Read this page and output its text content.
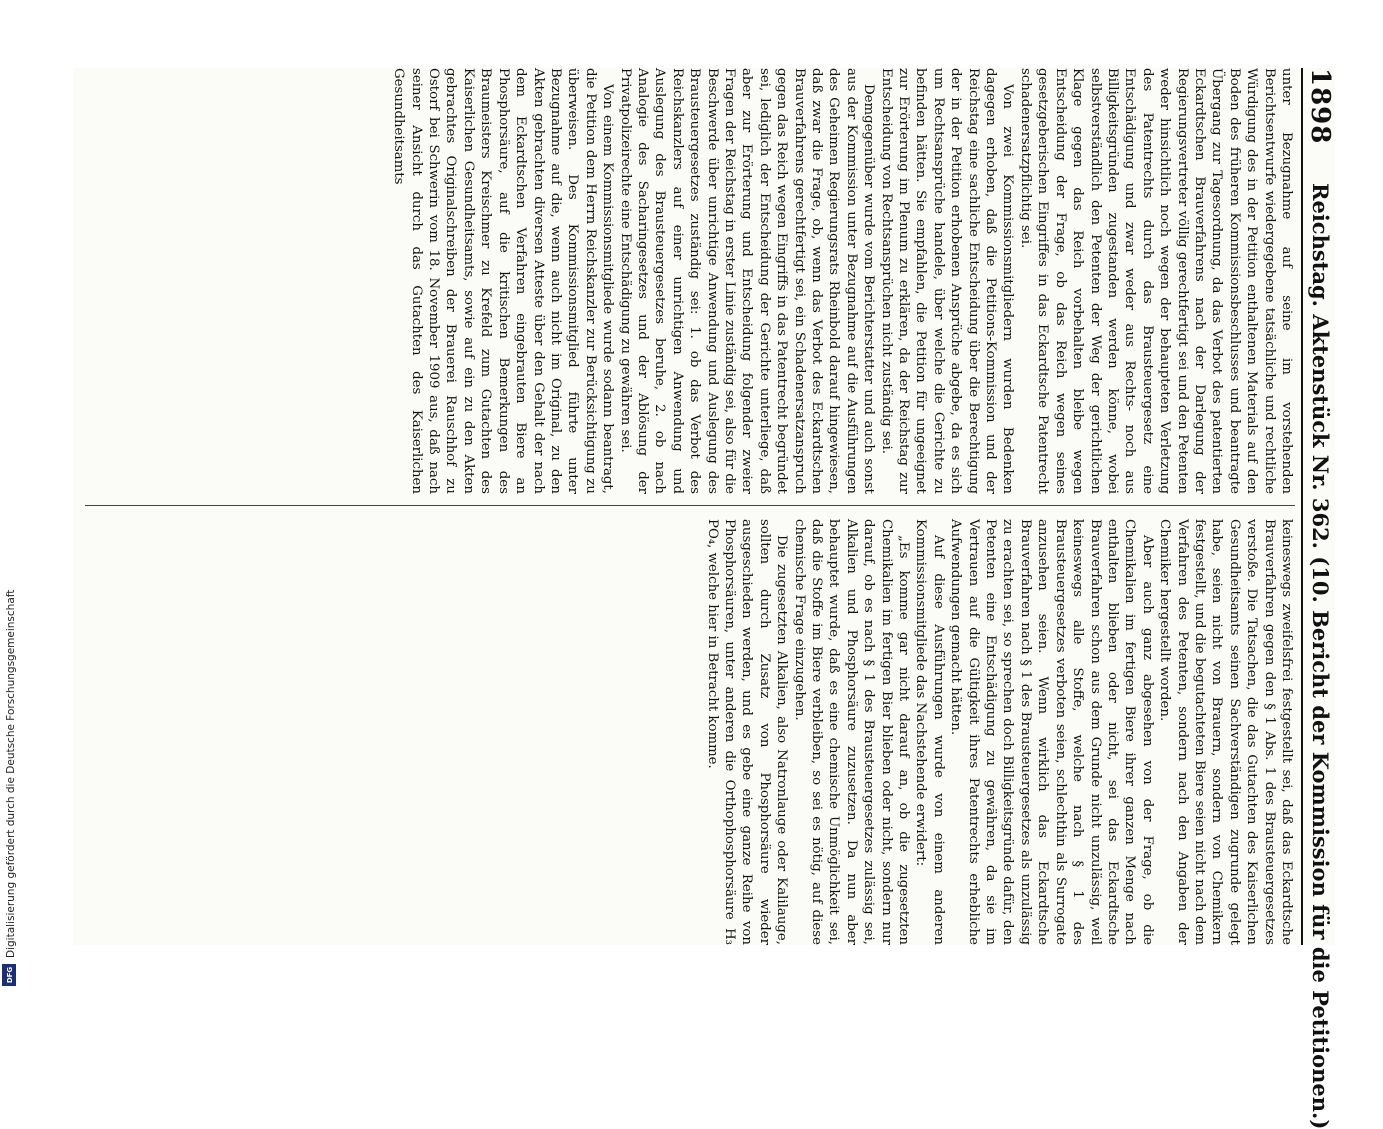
1898
Reichstag. Aktenstück Nr. 362. (10. Bericht der Kommission für die Petitionen.)

unter Bezugnahme auf seine im vorstehenden Berichtsentwurfe wiedergegebene tatsächliche und rechtliche Würdigung des in der Petition enthaltenen Materials auf den Boden des früheren Kommissionsbeschlusses und beantragte Übergang zur Tagesordnung, da das Verbot des patentierten Eckardtschen Brauverfahrens nach der Darlegung der Regierungsvertreter völlig gerechtfertigt sei und den Petenten weder hinsichtlich noch wegen der behaupteten Verletzung des Patentrechts durch das Brausteuergesetz eine Entschädigung und zwar weder aus Rechts- noch aus Billigkeitsgründen zugestanden werden könne, wobei selbstverständlich den Petenten der Weg der gerichtlichen Klage gegen das Reich vorbehalten bleibe wegen Entscheidung der Frage, ob das Reich wegen seines gesetzgeberischen Eingriffes in das Eckardtsche Patentrecht schadenersatzpflichtig sei.

Von zwei Kommissionsmitgliedern wurden Bedenken dagegen erhoben, daß die Petitions-Kommission und der Reichstag eine sachliche Entscheidung über die Berechtigung der in der Petition erhobenen Ansprüche abgebe, da es sich um Rechtsansprüche handele, über welche die Gerichte zu befinden hätten. Sie empfahlen, die Petition für ungeeignet zur Erörterung im Plenum zu erklären, da der Reichstag zur Entscheidung von Rechtsansprüchen nicht zuständig sei.

Demgegenüber wurde vom Berichterstatter und auch sonst aus der Kommission unter Bezugnahme auf die Ausführungen des Geheimen Regierungsrats Rheinbold darauf hingewiesen, daß zwar die Frage, ob, wenn das Verbot des Eckardtschen Brauverfahrens gerechtfertigt sei, ein Schadenersatzanspruch gegen das Reich wegen Eingriffs in das Patentrecht begründet sei, lediglich der Entscheidung der Gerichte unterliege, daß aber zur Erörterung und Entscheidung folgender zweier Fragen der Reichstag in erster Linie zuständig sei, also für die Beschwerde über unrichtige Anwendung und Auslegung des Brausteuergesetzes zuständig sei: 1. ob das Verbot des Reichskanzlers auf einer unrichtigen Anwendung und Auslegung des Brausteuergesetzes beruhe, 2. ob nach Analogie des Sacharingesetzes und der Ablösung der Privatpolizeirechte eine Entschädigung zu gewähren sei.

Von einem Kommissionsmitgliede wurde sodann beantragt, die Petition dem Herrn Reichskanzler zur Berücksichtigung zu überweisen. Des Kommissionsmitglied führte unter Bezugnahme auf die, wenn auch nicht im Original, zu den Akten gebrachten diversen Atteste über den Gehalt der nach dem Eckardtschen Verfahren eingebrauten Biere an Phosphorsäure, auf die kritischen Bemerkungen des Braumeisters Kreischmer zu Krefeld zum Gutachten des Kaiserlichen Gesundheitsamts, sowie auf ein zu den Akten gebrachtes Originalschreiben der Brauerei Rauschhof zu Ostorf bei Schwerin vom 18. November 1909 aus, daß nach seiner Ansicht durch das Gutachten des Kaiserlichen Gesundheitsamts

keineswegs zweifelsfrei festgestellt sei, daß das Eckardtsche Brauverfahren gegen den § 1 Abs. 1 des Brausteuergesetzes verstoße. Die Tatsachen, die das Gutachten des Kaiserlichen Gesundheitsamts seinen Sachverständigen zugrunde gelegt habe, seien nicht von Brauern, sondern von Chemikern festgestellt, und die begutachteten Biere seien nicht nach dem Verfahren des Petenten, sondern nach den Angaben der Chemiker hergestellt worden.

Aber auch ganz abgesehen von der Frage, ob die Chemikalien im fertigen Biere ihrer ganzen Menge nach enthalten blieben oder nicht, sei das Eckardtsche Brauverfahren schon aus dem Grunde nicht unzulässig, weil keineswegs alle Stoffe, welche nach § 1 des Brausteuergesetzes verboten seien, schlechthin als Surrogate anzusehen seien. Wenn wirklich das Eckardtsche Brauverfahren nach § 1 des Brausteuergesetzes als unzulässig zu erachten sei, so sprechen doch Billigkeitsgründe dafür, den Petenten eine Entschädigung zu gewähren, da sie im Vertrauen auf die Gültigkeit ihres Patentrechts erhebliche Aufwendungen gemacht hätten.

Auf diese Ausführungen wurde von einem anderen Kommissionsmitgliede das Nachstehende erwidert:

„Es komme gar nicht darauf an, ob die zugesetzten Chemikalien im fertigen Bier blieben oder nicht, sondern nur darauf, ob es nach § 1 des Brausteuergesetzes zulässig sei, Alkalien und Phosphorsäure zuzusetzen. Da nun aber behauptet wurde, daß es eine chemische Unmöglichkeit sei, daß die Stoffe im Biere verbleiben, so sei es nötig, auf diese chemische Frage einzugehen.

Die zugesetzten Alkalien, also Natronlauge oder Kalilauge, sollten durch Zusatz von Phosphorsäure wieder ausgeschieden werden, und es gebe eine ganze Reihe von Phosphorsäuren, unter anderen die Orthophosphorsäure H₃ PO₄, welche hier in Betracht komme.

Digitalisierung gefördert durch die Deutsche Forschungsgemeinschaft
DFG
